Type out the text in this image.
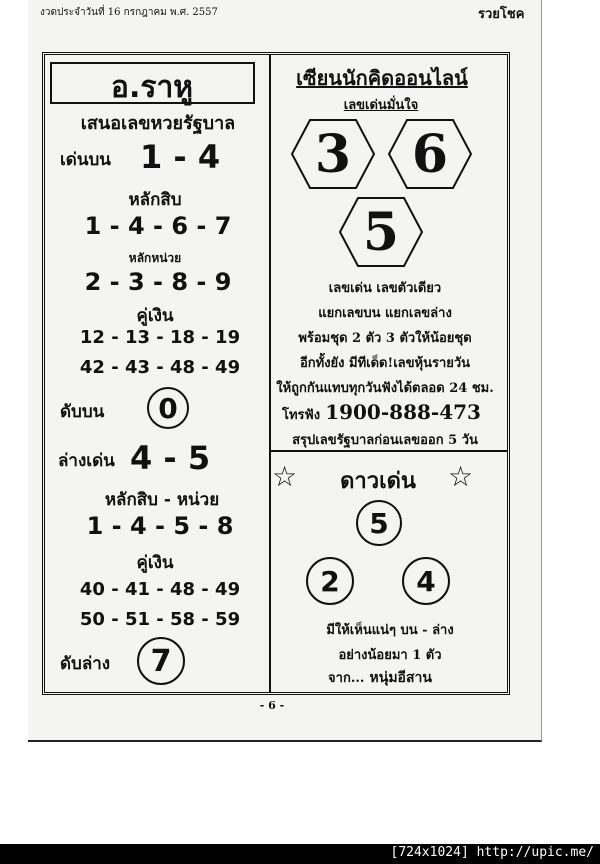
งวดประจำวันที่ 16 กรกฎาคม พ.ศ. 2557	รวยโชค
อ.ราหู
เสนอเลขหวยรัฐบาล
เด่นบน 1 - 4
หลักสิบ
1 - 4 - 6 - 7
หลักหน่วย
2 - 3 - 8 - 9
คู่เงิน
12 - 13 - 18 - 19
42 - 43 - 48 - 49
ดับบน	0
ล่างเด่น 4 - 5
หลักสิบ - หน่วย
1 - 4 - 5 - 8
คู่เงิน
40 - 41 - 48 - 49
50 - 51 - 58 - 59
ดับล่าง	7
เซียนนักคิดออนไลน์
เลขเด่นมั่นใจ
3	6
5
เลขเด่น เลขตัวเดียว
แยกเลขบน แยกเลขล่าง
พร้อมชุด 2 ตัว 3 ตัวให้น้อยชุด
อีกทั้งยัง มีทีเด็ด!เลขหุ้นรายวัน
ให้ถูกกันแทบทุกวันฟังได้ตลอด 24 ชม.
โทรฟัง 1900-888-473
สรุปเลขรัฐบาลก่อนเลขออก 5 วัน
☆ ดาวเด่น ☆
5
2	4
มีให้เห็นแน่ๆ บน - ล่าง
อย่างน้อยมา 1 ตัว
จาก... หนุ่มอีสาน
- 6 -
[724x1024] http://upic.me/
